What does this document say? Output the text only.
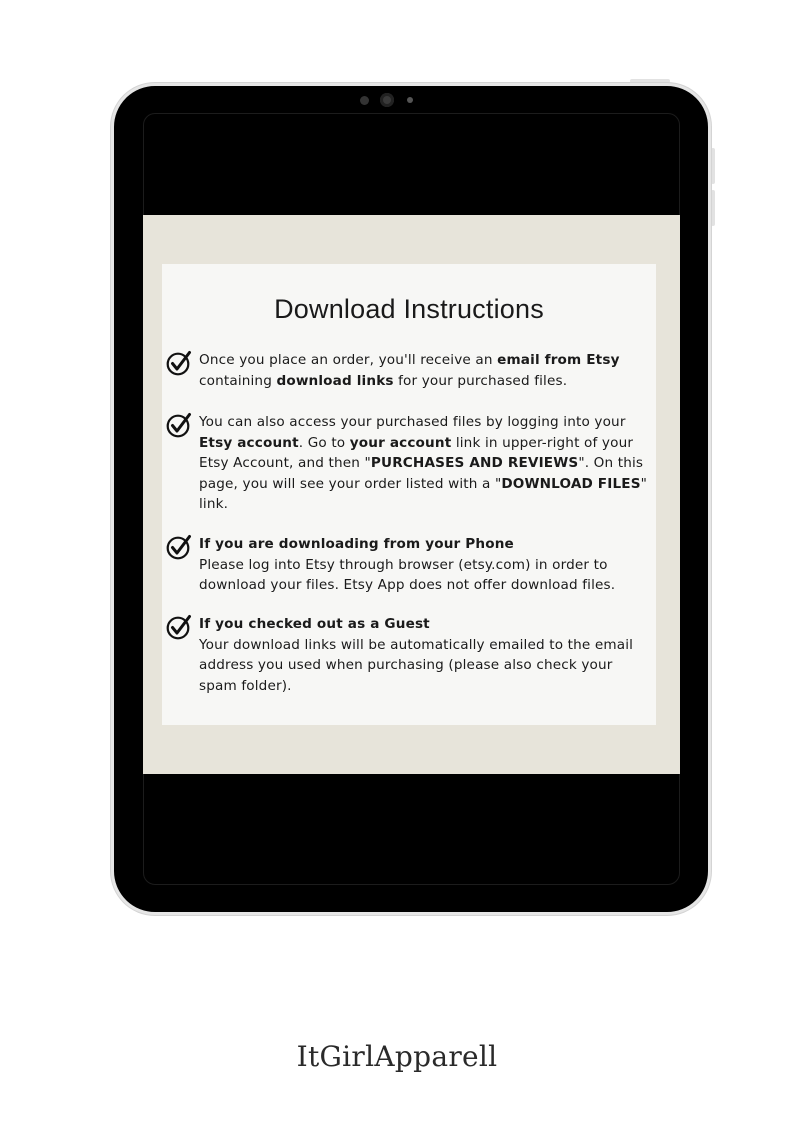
Download Instructions
Once you place an order, you'll receive an email from Etsy containing download links for your purchased files.
You can also access your purchased files by logging into your Etsy account. Go to your account link in upper-right of your Etsy Account, and then "PURCHASES AND REVIEWS". On this page, you will see your order listed with a "DOWNLOAD FILES" link.
If you are downloading from your Phone
Please log into Etsy through browser (etsy.com) in order to download your files. Etsy App does not offer download files.
If you checked out as a Guest
Your download links will be automatically emailed to the email address you used when purchasing (please also check your spam folder).
ItGirlApparell
